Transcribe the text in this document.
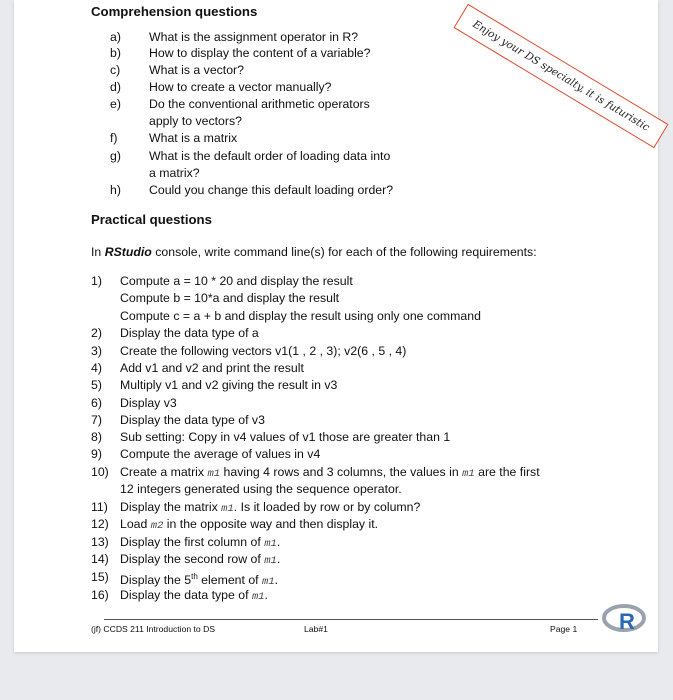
Comprehension questions
a) What is the assignment operator in R?
b) How to display the content of a variable?
c) What is a vector?
d) How to create a vector manually?
e) Do the conventional arithmetic operators
apply to vectors?
f)	What is a matrix
g) What is the default order of loading data into
a matrix?
h) Could you change this default loading order?
Enjoy your DS specialty, it is futuristic
Practical questions
In RStudio console, write command line(s) for each of the following requirements:
1) Compute a = 10 * 20 and display the result
Compute b = 10*a and display the result
Compute c = a + b and display the result using only one command
2) Display the data type of a
3) Create the following vectors v1(1 , 2 , 3); v2(6 , 5 , 4)
4) Add v1 and v2 and print the result
5) Multiply v1 and v2 giving the result in v3
6) Display v3
7) Display the data type of v3
8) Sub setting: Copy in v4 values of v1 those are greater than 1
9) Compute the average of values in v4
10) Create a matrix m1 having 4 rows and 3 columns, the values in m1 are the first
12 integers generated using the sequence operator.
11) Display the matrix m1. Is it loaded by row or by column?
12) Load m2 in the opposite way and then display it.
13) Display the first column of m1.
14) Display the second row of m1.
15) Display the 5th element of m1.
16) Display the data type of m1.
(jf) CCDS 211 Introduction to DS	Lab#1	Page 1 R
